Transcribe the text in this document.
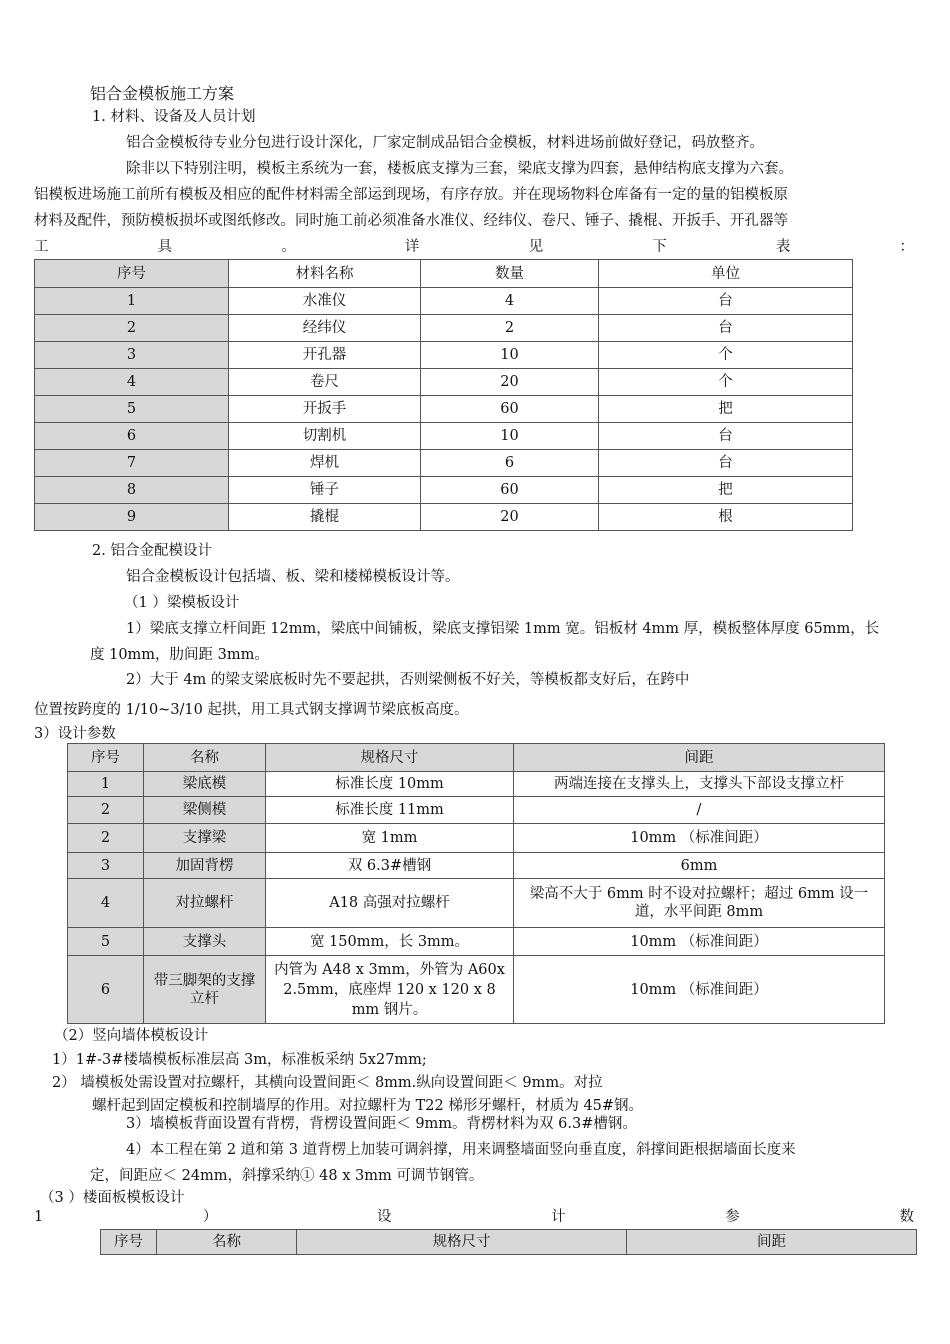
铝合金模板施工方案
1. 材料、设备及人员计划
铝合金模板待专业分包进行设计深化，厂家定制成品铝合金模板，材料进场前做好登记，码放整齐。
除非以下特别注明，模板主系统为一套，楼板底支撑为三套，梁底支撑为四套，悬伸结构底支撑为六套。
铝模板进场施工前所有模板及相应的配件材料需全部运到现场，有序存放。并在现场物料仓库备有一定的量的铝模板原
材料及配件，预防模板损坏或图纸修改。同时施工前必须准备水准仪、经纬仪、卷尺、锤子、撬棍、开扳手、开孔器等
工	具	。	详	见	下	表	：
序号	材料名称	数量	单位
1	水准仪	4	台
2	经纬仪	2	台
3	开孔器	10	个
4	卷尺	20	个
5	开扳手	60	把
6	切割机	10	台
7	焊机	6	台
8	锤子	60	把
9	撬棍	20	根
2. 铝合金配模设计
铝合金模板设计包括墙、板、梁和楼梯模板设计等。
（1 ）梁模板设计
1）梁底支撑立杆间距 12mm，梁底中间铺板，梁底支撑铝梁 1mm 宽。铝板材 4mm 厚，模板整体厚度 65mm，长
度 10mm，肋间距 3mm。
2）大于 4m 的梁支梁底板时先不要起拱，否则梁侧板不好关，等模板都支好后，在跨中
位置按跨度的 1/10~3/10 起拱，用工具式钢支撑调节梁底板高度。
3）设计参数
序号	名称	规格尺寸	间距
1	梁底模	标准长度 10mm	两端连接在支撑头上，支撑头下部设支撑立杆
2	梁侧模	标准长度 11mm	/
2	支撑梁	宽 1mm	10mm （标准间距）
3	加固背楞	双 6.3#槽钢	6mm
4	对拉螺杆	A18 高强对拉螺杆	梁高不大于 6mm 时不设对拉螺杆；超过 6mm 设一道，水平间距 8mm
5	支撑头	宽 150mm，长 3mm。	10mm （标准间距）
6	带三脚架的支撑立杆	内管为 A48 x 3mm，外管为 A60x 2.5mm，底座焊 120 x 120 x 8 mm 钢片。	10mm （标准间距）
（2）竖向墙体模板设计
1）1#-3#楼墙模板标准层高 3m，标准板采纳 5x27mm;
2） 墙模板处需设置对拉螺杆，其横向设置间距＜ 8mm.纵向设置间距＜ 9mm。对拉
螺杆起到固定模板和控制墙厚的作用。对拉螺杆为 T22 梯形牙螺杆，材质为 45#钢。
3）墙模板背面设置有背楞，背楞设置间距＜ 9mm。背楞材料为双 6.3#槽钢。
4）本工程在第 2 道和第 3 道背楞上加装可调斜撑，用来调整墙面竖向垂直度，斜撑间距根据墙面长度来
定，间距应＜ 24mm，斜撑采纳① 48 x 3mm 可调节钢管。
（3 ）楼面板模板设计
1	）	设	计	参	数
序号	名称	规格尺寸	间距
